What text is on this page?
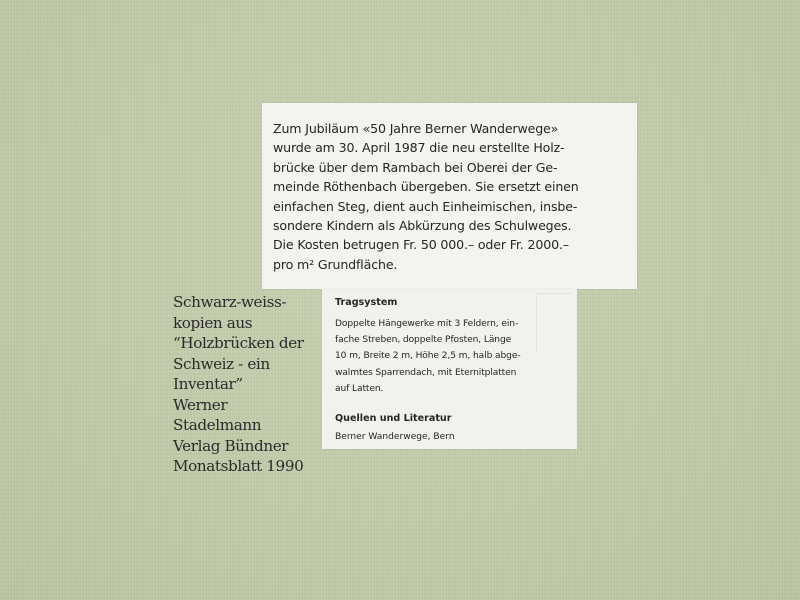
Zum Jubiläum «50 Jahre Berner Wanderwege»
wurde am 30. April 1987 die neu erstellte Holz-
brücke über dem Rambach bei Oberei der Ge-
meinde Röthenbach übergeben. Sie ersetzt einen
einfachen Steg, dient auch Einheimischen, insbe-
sondere Kindern als Abkürzung des Schulweges.
Die Kosten betrugen Fr. 50 000.– oder Fr. 2000.–
pro m² Grundfläche.

Tragsystem

Doppelte Hängewerke mit 3 Feldern, ein-
fache Streben, doppelte Pfosten, Länge
10 m, Breite 2 m, Höhe 2,5 m, halb abge-
walmtes Sparrendach, mit Eternitplatten
auf Latten.

Quellen und Literatur

Berner Wanderwege, Bern

Schwarz-weiss-
kopien aus
“Holzbrücken der
Schweiz - ein
Inventar”
Werner
Stadelmann
Verlag Bündner
Monatsblatt 1990
